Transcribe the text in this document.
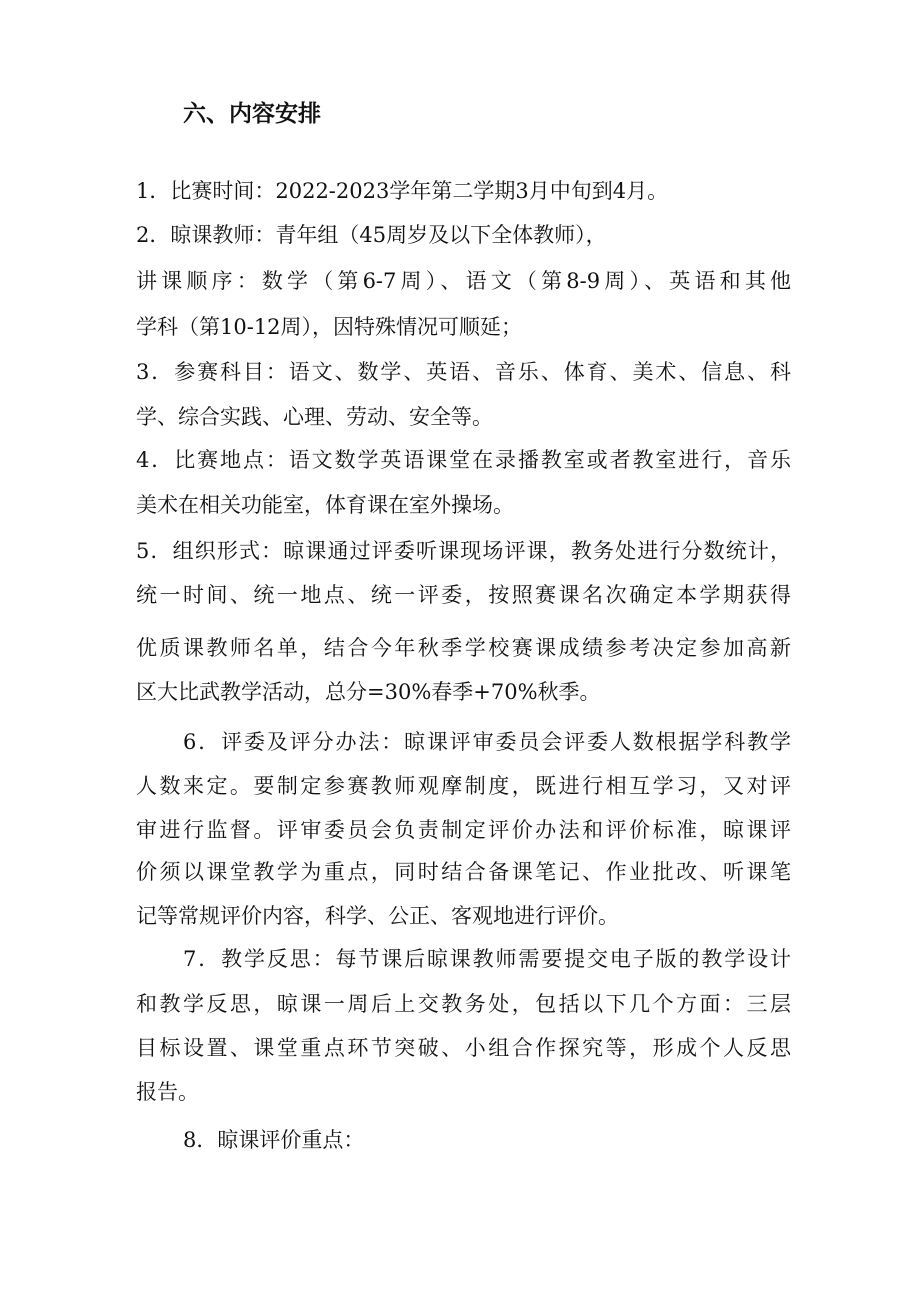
六、内容安排
1．比赛时间：2022-2023学年第二学期3月中旬到4月。
2．晾课教师：青年组（45周岁及以下全体教师），
讲课顺序：数学（第6-7周）、语文（第8-9周）、英语和其他
学科（第10-12周），因特殊情况可顺延；
3．参赛科目：语文、数学、英语、音乐、体育、美术、信息、科
学、综合实践、心理、劳动、安全等。
4．比赛地点：语文数学英语课堂在录播教室或者教室进行，音乐
美术在相关功能室，体育课在室外操场。
5．组织形式：晾课通过评委听课现场评课，教务处进行分数统计，
统一时间、统一地点、统一评委，按照赛课名次确定本学期获得
优质课教师名单，结合今年秋季学校赛课成绩参考决定参加高新
区大比武教学活动，总分=30%春季+70%秋季。
6．评委及评分办法：晾课评审委员会评委人数根据学科教学
人数来定。要制定参赛教师观摩制度，既进行相互学习，又对评
审进行监督。评审委员会负责制定评价办法和评价标准，晾课评
价须以课堂教学为重点，同时结合备课笔记、作业批改、听课笔
记等常规评价内容，科学、公正、客观地进行评价。
7．教学反思：每节课后晾课教师需要提交电子版的教学设计
和教学反思，晾课一周后上交教务处，包括以下几个方面：三层
目标设置、课堂重点环节突破、小组合作探究等，形成个人反思
报告。
8．晾课评价重点：
